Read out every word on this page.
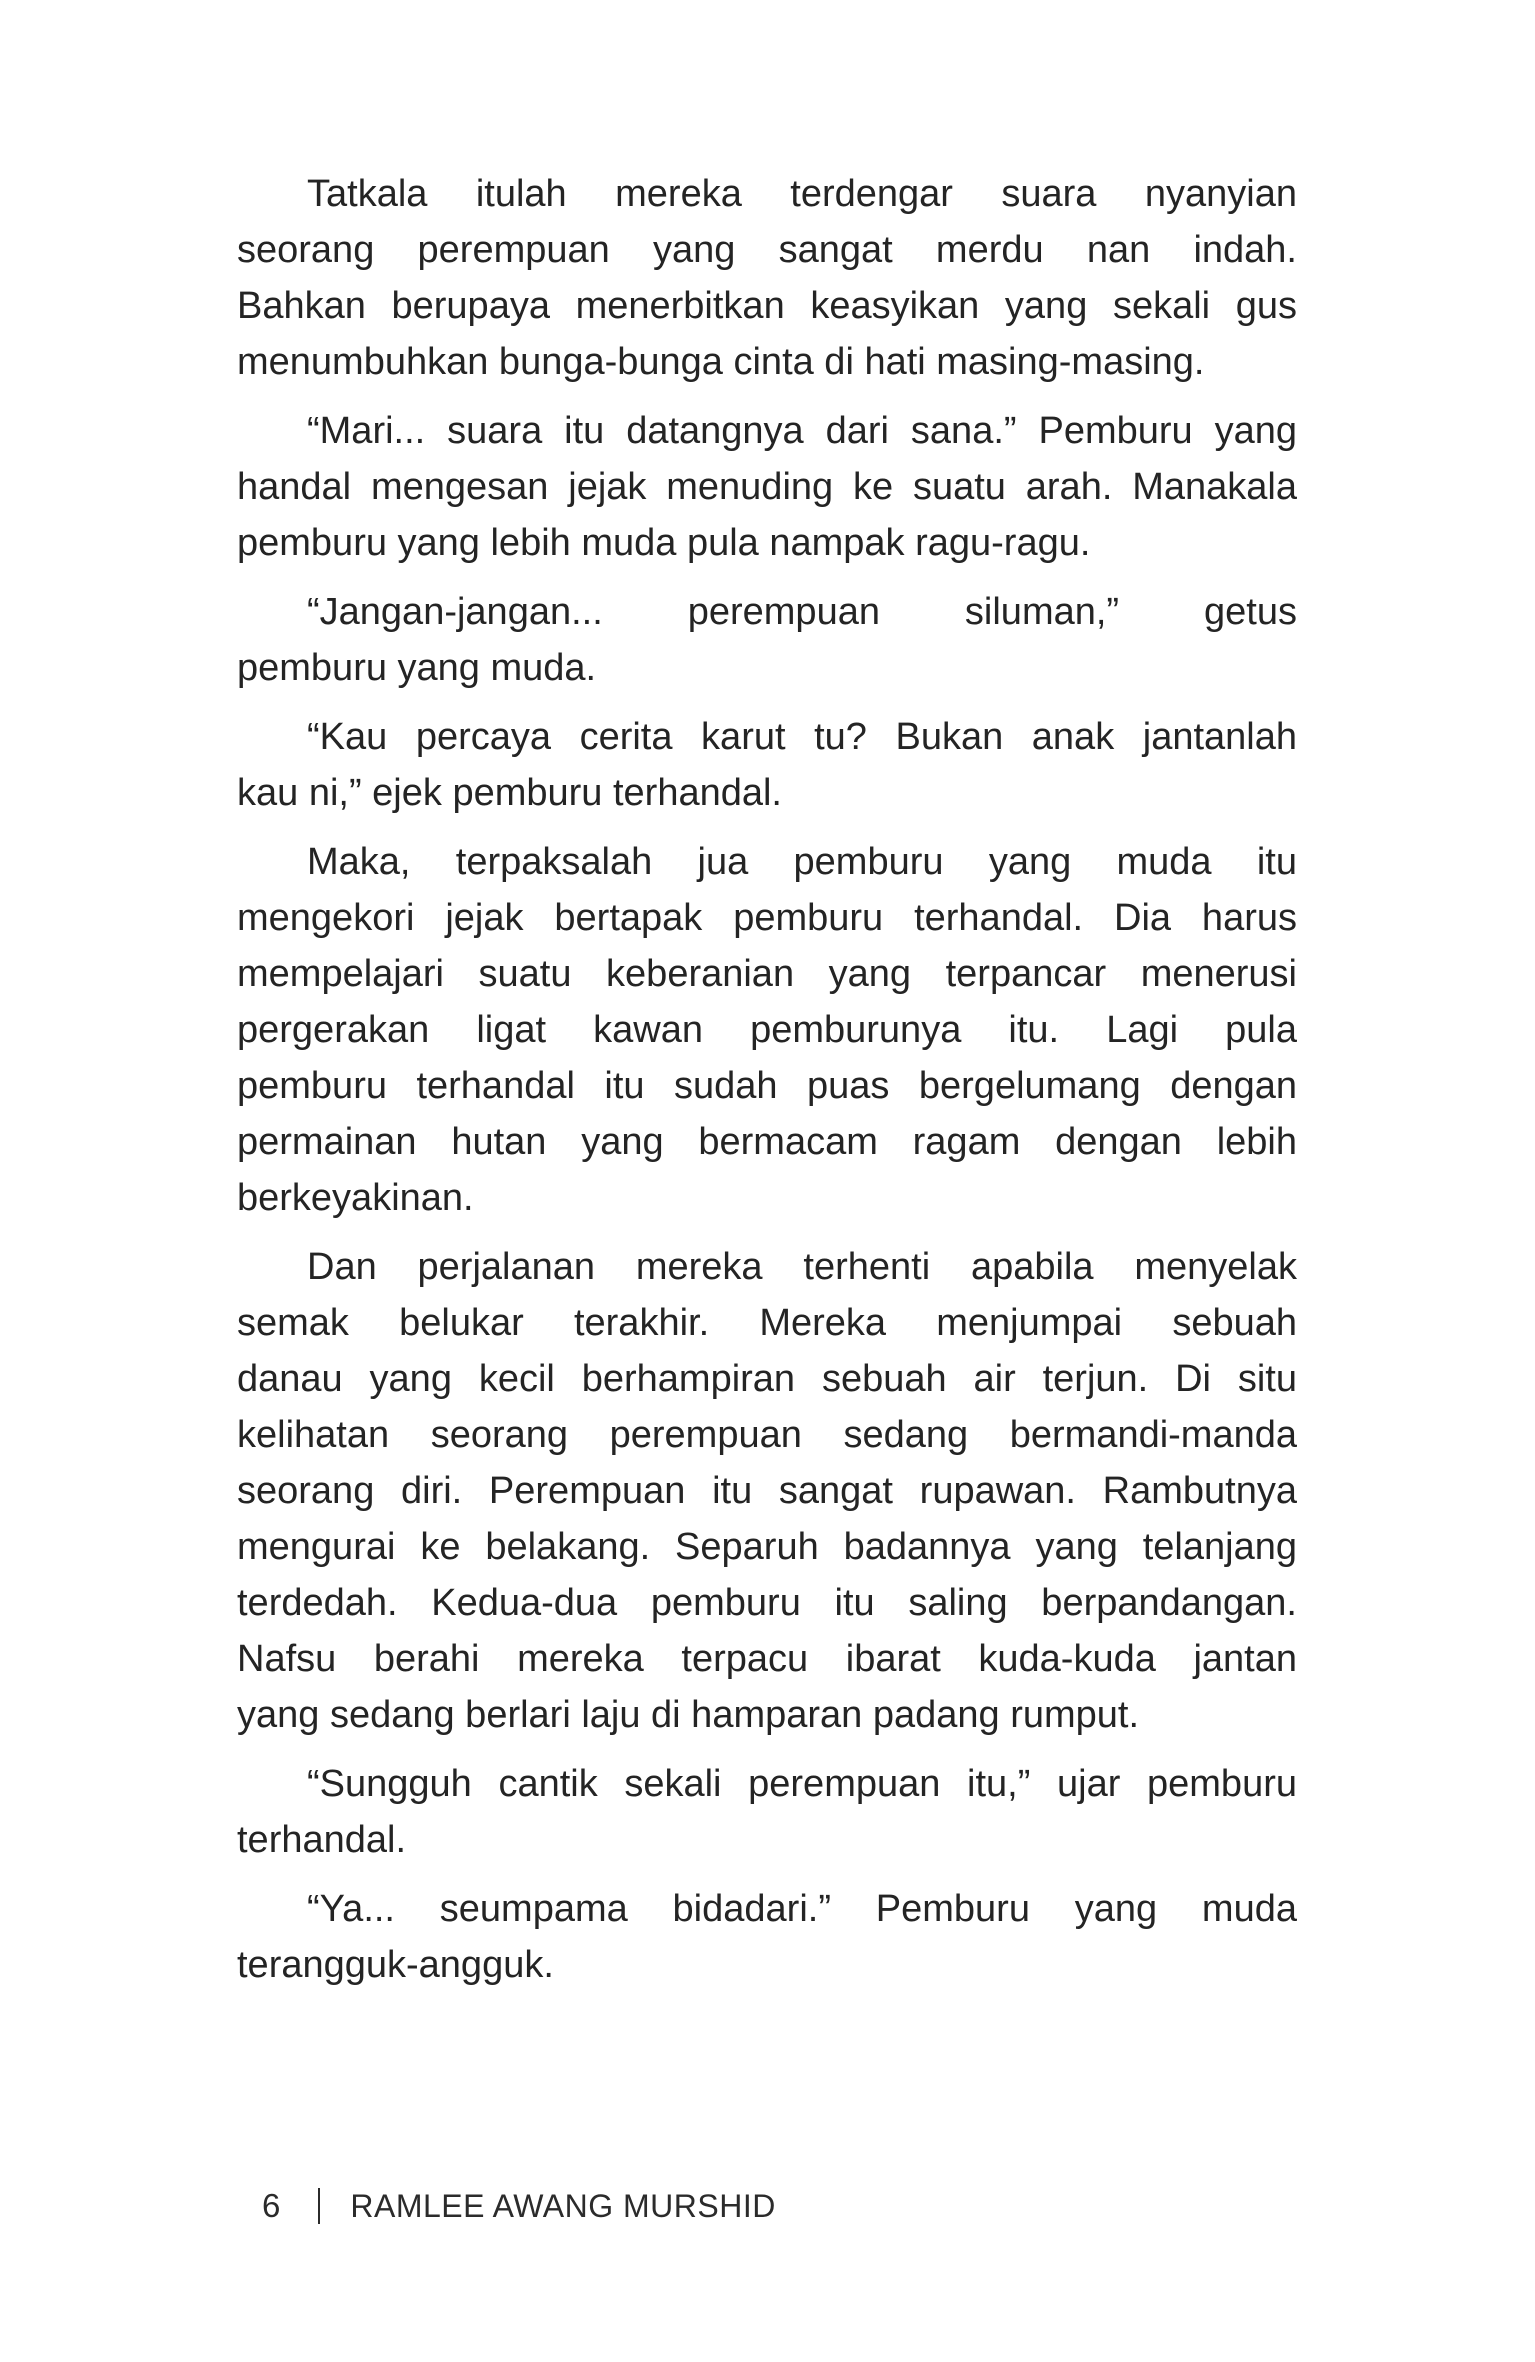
Tatkala itulah mereka terdengar suara nyanyian
seorang perempuan yang sangat merdu nan indah.
Bahkan berupaya menerbitkan keasyikan yang sekali gus
menumbuhkan bunga-bunga cinta di hati masing-masing.
“Mari... suara itu datangnya dari sana.” Pemburu yang
handal mengesan jejak menuding ke suatu arah. Manakala
pemburu yang lebih muda pula nampak ragu-ragu.
“Jangan-jangan... perempuan siluman,” getus
pemburu yang muda.
“Kau percaya cerita karut tu? Bukan anak jantanlah
kau ni,” ejek pemburu terhandal.
Maka, terpaksalah jua pemburu yang muda itu
mengekori jejak bertapak pemburu terhandal. Dia harus
mempelajari suatu keberanian yang terpancar menerusi
pergerakan ligat kawan pemburunya itu. Lagi pula
pemburu terhandal itu sudah puas bergelumang dengan
permainan hutan yang bermacam ragam dengan lebih
berkeyakinan.
Dan perjalanan mereka terhenti apabila menyelak
semak belukar terakhir. Mereka menjumpai sebuah
danau yang kecil berhampiran sebuah air terjun. Di situ
kelihatan seorang perempuan sedang bermandi-manda
seorang diri. Perempuan itu sangat rupawan. Rambutnya
mengurai ke belakang. Separuh badannya yang telanjang
terdedah. Kedua-dua pemburu itu saling berpandangan.
Nafsu berahi mereka terpacu ibarat kuda-kuda jantan
yang sedang berlari laju di hamparan padang rumput.
“Sungguh cantik sekali perempuan itu,” ujar pemburu
terhandal.
“Ya... seumpama bidadari.” Pemburu yang muda
terangguk-angguk.
6 RAMLEE AWANG MURSHID
